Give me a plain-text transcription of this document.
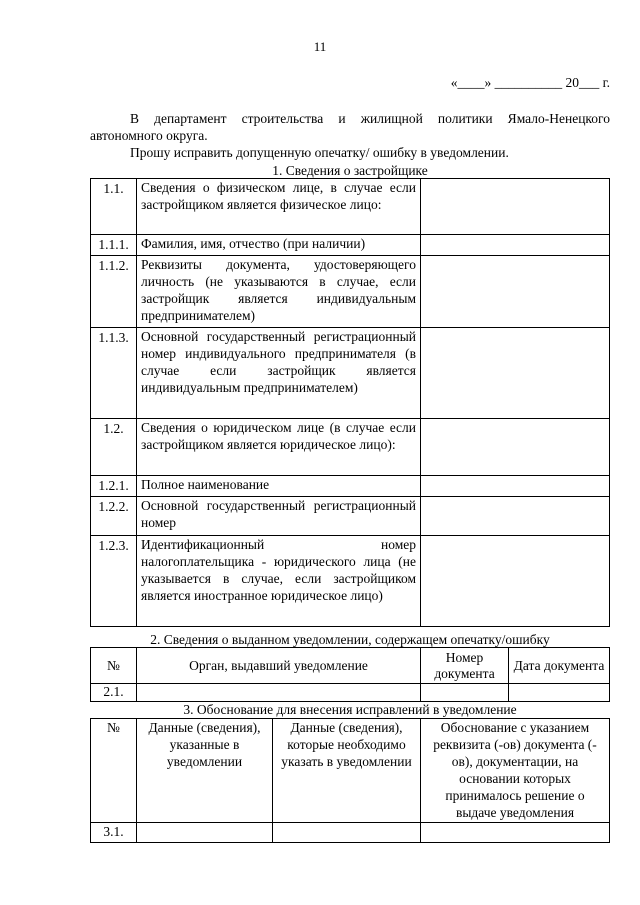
11
«____» __________ 20___ г.

В департамент строительства и жилищной политики Ямало-Ненецкого автономного округа.

Прошу исправить допущенную опечатку/ ошибку в уведомлении.

1. Сведения о застройщике
1.1.	Сведения о физическом лице, в случае если застройщиком является физическое лицо:	
1.1.1.	Фамилия, имя, отчество (при наличии)	
1.1.2.	Реквизиты документа, удостоверяющего личность (не указываются в случае, если застройщик является индивидуальным предпринимателем)	
1.1.3.	Основной государственный регистрационный номер индивидуального предпринимателя (в случае если застройщик является индивидуальным предпринимателем)	
1.2.	Сведения о юридическом лице (в случае если застройщиком является юридическое лицо):	
1.2.1.	Полное наименование	
1.2.2.	Основной государственный регистрационный номер	
1.2.3.	Идентификационный номер налогоплательщика - юридического лица (не указывается в случае, если застройщиком является иностранное юридическое лицо)	
2. Сведения о выданном уведомлении, содержащем опечатку/ошибку
№	Орган, выдавший уведомление	Номер документа	Дата документа
2.1.			
3. Обоснование для внесения исправлений в уведомление
№	Данные (сведения), указанные в уведомлении	Данные (сведения), которые необходимо указать в уведомлении	Обоснование с указанием реквизита (-ов) документа (-ов), документации, на основании которых принималось решение о выдаче уведомления
3.1.			
